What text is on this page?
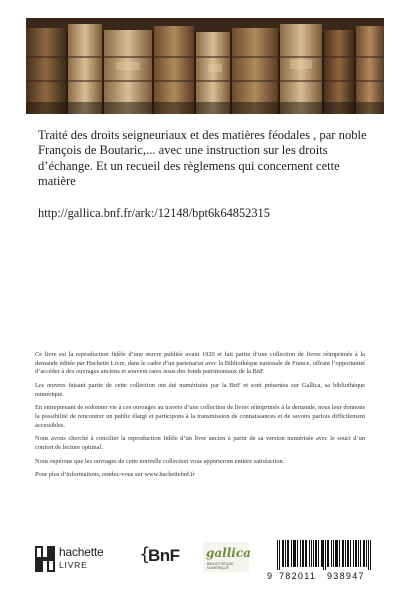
Traité des droits seigneuriaux et des matières féodales , par noble François de Boutaric,... avec une instruction sur les droits d’échange. Et un recueil des règlemens qui concernent cette matière
http://gallica.bnf.fr/ark:/12148/bpt6k64852315

Ce livre est la reproduction fidèle d’une œuvre publiée avant 1920 et fait partie d’une collection de livres réimprimés à la demande éditée par Hachette Livre, dans le cadre d’un partenariat avec la Bibliothèque nationale de France, offrant l’opportunité d’accéder à des ouvrages anciens et souvent rares issus des fonds patrimoniaux de la BnF.

Les œuvres faisant partie de cette collection ont été numérisées par la BnF et sont présentes sur Gallica, sa bibliothèque numérique.

En entreprenant de redonner vie à ces ouvrages au travers d’une collection de livres réimprimés à la demande, nous leur donnons la possibilité de rencontrer un public élargi et participons à la transmission de connaissances et de savoirs parfois difficilement accessibles.

Nous avons cherché à concilier la reproduction fidèle d’un livre ancien à partir de sa version numérisée avec le souci d’un confort de lecture optimal.

Nous espérons que les ouvrages de cette nouvelle collection vous apporteront entière satisfaction.

Pour plus d’informations, rendez-vous sur www.hachettebnf.fr

hachette
LIVRE	{
BnF gallica
BIBLIOTHÈQUE NUMÉRIQUE
9 782011 938947
